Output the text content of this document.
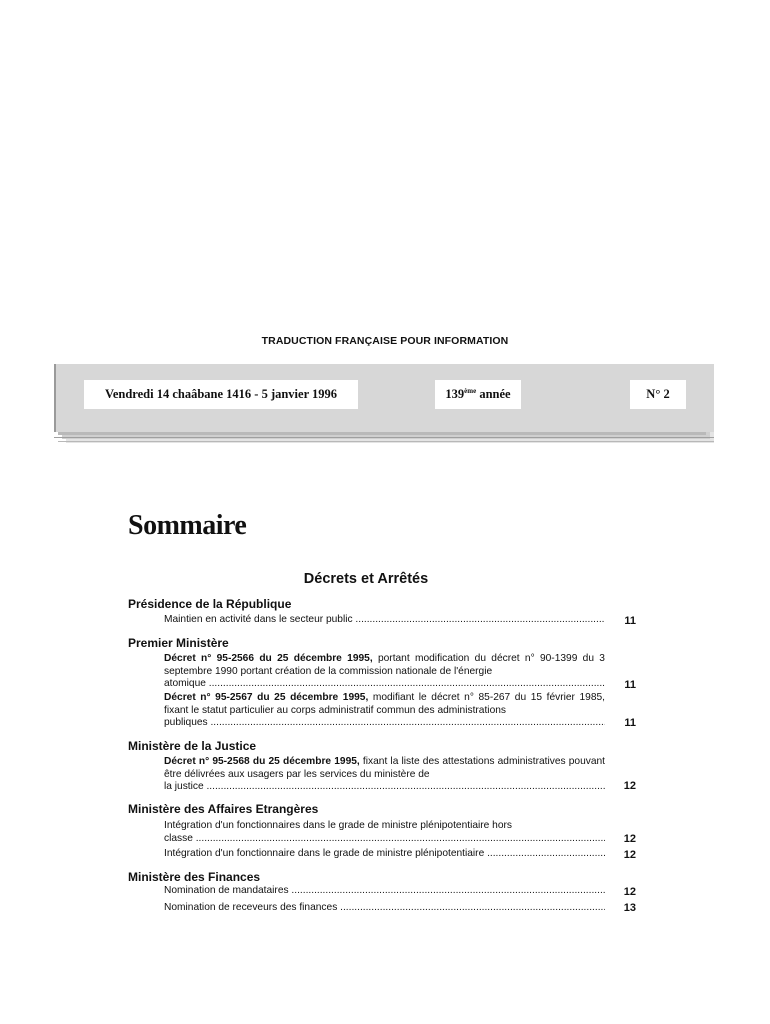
TRADUCTION FRANÇAISE POUR INFORMATION
Vendredi 14 chaâbane 1416 - 5 janvier 1996	139ème année	N° 2
Sommaire
Décrets et Arrêtés
Présidence de la République
Maintien en activité dans le secteur public .....	11
Premier Ministère
Décret n° 95-2566 du 25 décembre 1995, portant modification du décret n° 90-1399 du 3 septembre 1990 portant création de la commission nationale de l'énergie
atomique .....	11
Décret n° 95-2567 du 25 décembre 1995, modifiant le décret n° 85-267 du 15 février 1985, fixant le statut particulier au corps administratif commun des administrations
publiques .....	11
Ministère de la Justice
Décret n° 95-2568 du 25 décembre 1995, fixant la liste des attestations administratives pouvant être délivrées aux usagers par les services du ministère de
la justice .....	12
Ministère des Affaires Etrangères
Intégration d'un fonctionnaires dans le grade de ministre plénipotentiaire hors
classe .....	12
Intégration d'un fonctionnaire dans le grade de ministre plénipotentiaire .....	12
Ministère des Finances
Nomination de mandataires .....	12
Nomination de receveurs des finances .....	13
